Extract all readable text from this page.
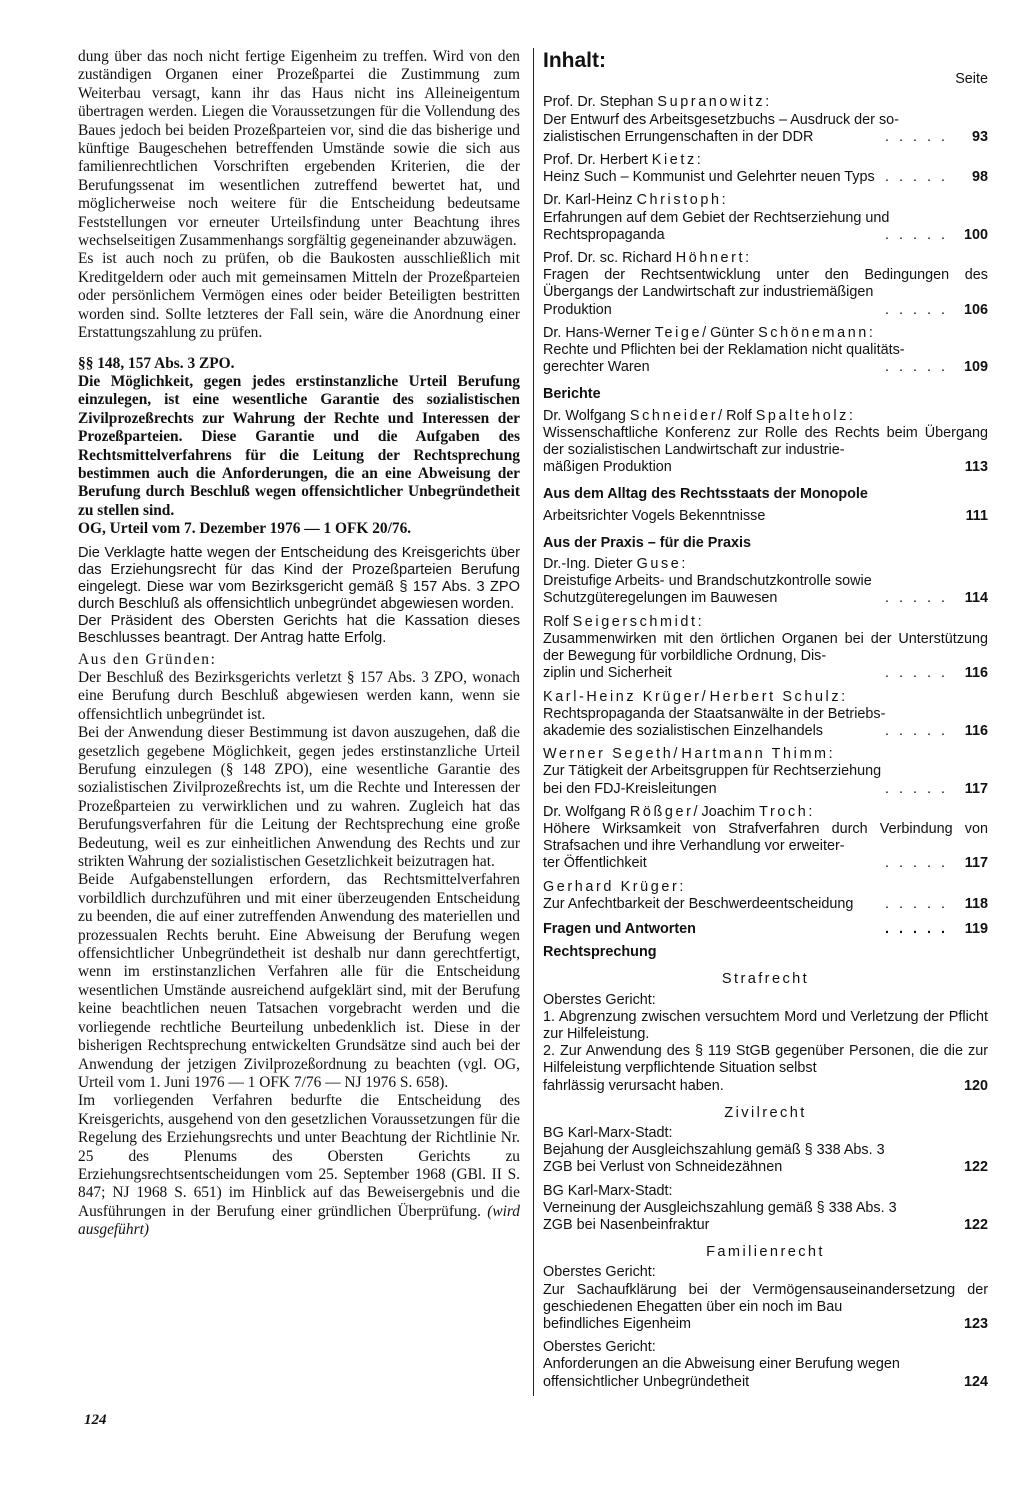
dung über das noch nicht fertige Eigenheim zu treffen. Wird von den zuständigen Organen einer Prozeßpartei die Zustimmung zum Weiterbau versagt, kann ihr das Haus nicht ins Alleineigentum übertragen werden. Liegen die Voraussetzungen für die Vollendung des Baues jedoch bei beiden Prozeßparteien vor, sind die das bisherige und künftige Baugeschehen betreffenden Umstände sowie die sich aus familienrechtlichen Vorschriften ergebenden Kriterien, die der Berufungssenat im wesentlichen zutreffend bewertet hat, und möglicherweise noch weitere für die Entscheidung bedeutsame Feststellungen vor erneuter Urteilsfindung unter Beachtung ihres wechselseitigen Zusammenhangs sorgfältig gegeneinander abzuwägen.

Es ist auch noch zu prüfen, ob die Baukosten ausschließlich mit Kreditgeldern oder auch mit gemeinsamen Mitteln der Prozeßparteien oder persönlichem Vermögen eines oder beider Beteiligten bestritten worden sind. Sollte letzteres der Fall sein, wäre die Anordnung einer Erstattungszahlung zu prüfen.

§§ 148, 157 Abs. 3 ZPO.

Die Möglichkeit, gegen jedes erstinstanzliche Urteil Berufung einzulegen, ist eine wesentliche Garantie des sozialistischen Zivilprozeßrechts zur Wahrung der Rechte und Interessen der Prozeßparteien. Diese Garantie und die Aufgaben des Rechtsmittelverfahrens für die Leitung der Rechtsprechung bestimmen auch die Anforderungen, die an eine Abweisung der Berufung durch Beschluß wegen offensichtlicher Unbegründetheit zu stellen sind.

OG, Urteil vom 7. Dezember 1976 — 1 OFK 20/76.

Die Verklagte hatte wegen der Entscheidung des Kreisgerichts über das Erziehungsrecht für das Kind der Prozeßparteien Berufung eingelegt. Diese war vom Bezirksgericht gemäß § 157 Abs. 3 ZPO durch Beschluß als offensichtlich unbegründet abgewiesen worden.

Der Präsident des Obersten Gerichts hat die Kassation dieses Beschlusses beantragt. Der Antrag hatte Erfolg.

Aus den Gründen:

Der Beschluß des Bezirksgerichts verletzt § 157 Abs. 3 ZPO, wonach eine Berufung durch Beschluß abgewiesen werden kann, wenn sie offensichtlich unbegründet ist.

Bei der Anwendung dieser Bestimmung ist davon auszugehen, daß die gesetzlich gegebene Möglichkeit, gegen jedes erstinstanzliche Urteil Berufung einzulegen (§ 148 ZPO), eine wesentliche Garantie des sozialistischen Zivilprozeßrechts ist, um die Rechte und Interessen der Prozeßparteien zu verwirklichen und zu wahren. Zugleich hat das Berufungsverfahren für die Leitung der Rechtsprechung eine große Bedeutung, weil es zur einheitlichen Anwendung des Rechts und zur strikten Wahrung der sozialistischen Gesetzlichkeit beizutragen hat.

Beide Aufgabenstellungen erfordern, das Rechtsmittelverfahren vorbildlich durchzuführen und mit einer überzeugenden Entscheidung zu beenden, die auf einer zutreffenden Anwendung des materiellen und prozessualen Rechts beruht. Eine Abweisung der Berufung wegen offensichtlicher Unbegründetheit ist deshalb nur dann gerechtfertigt, wenn im erstinstanzlichen Verfahren alle für die Entscheidung wesentlichen Umstände ausreichend aufgeklärt sind, mit der Berufung keine beachtlichen neuen Tatsachen vorgebracht werden und die vorliegende rechtliche Beurteilung unbedenklich ist. Diese in der bisherigen Rechtsprechung entwickelten Grundsätze sind auch bei der Anwendung der jetzigen Zivilprozeßordnung zu beachten (vgl. OG, Urteil vom 1. Juni 1976 — 1 OFK 7/76 — NJ 1976 S. 658).

Im vorliegenden Verfahren bedurfte die Entscheidung des Kreisgerichts, ausgehend von den gesetzlichen Voraussetzungen für die Regelung des Erziehungsrechts und unter Beachtung der Richtlinie Nr. 25 des Plenums des Obersten Gerichts zu Erziehungsrechtsentscheidungen vom 25. September 1968 (GBl. II S. 847; NJ 1968 S. 651) im Hinblick auf das Beweisergebnis und die Ausführungen in der Berufung einer gründlichen Überprüfung. (wird ausgeführt)

124
Inhalt:
Seite
Prof. Dr. Stephan Supranowitz:
Der Entwurf des Arbeitsgesetzbuchs – Ausdruck der so-
zialistischen Errungenschaften in der DDR	. . . . .	93
Prof. Dr. Herbert Kietz:
Heinz Such – Kommunist und Gelehrter neuen Typs . . . . .	98
Dr. Karl-Heinz Christoph:
Erfahrungen auf dem Gebiet der Rechtserziehung und
Rechtspropaganda	. . . . .	100
Prof. Dr. sc. Richard Höhnert:
Fragen der Rechtsentwicklung unter den Bedingungen des Übergangs der Landwirtschaft zur industriemäßigen
Produktion	. . . . .	106
Dr. Hans-Werner Teige/ Günter Schönemann:
Rechte und Pflichten bei der Reklamation nicht qualitäts-
gerechter Waren	. . . . .	109
Berichte
Dr. Wolfgang Schneider/ Rolf Spalteholz:
Wissenschaftliche Konferenz zur Rolle des Rechts beim Übergang der sozialistischen Landwirtschaft zur industrie-
mäßigen Produktion	113
Aus dem Alltag des Rechtsstaats der Monopole
Arbeitsrichter Vogels Bekenntnisse	111
Aus der Praxis – für die Praxis
Dr.-Ing. Dieter Guse:
Dreistufige Arbeits- und Brandschutzkontrolle sowie
Schutzgüteregelungen im Bauwesen	. . . . .	114
Rolf Seigerschmidt:
Zusammenwirken mit den örtlichen Organen bei der Unterstützung der Bewegung für vorbildliche Ordnung, Dis-
ziplin und Sicherheit	. . . . .	116
Karl-Heinz Krüger/ Herbert Schulz:
Rechtspropaganda der Staatsanwälte in der Betriebs-
akademie des sozialistischen Einzelhandels	. . . . .	116
Werner Segeth/ Hartmann Thimm:
Zur Tätigkeit der Arbeitsgruppen für Rechtserziehung
bei den FDJ-Kreisleitungen	. . . . .	117
Dr. Wolfgang Rößger/ Joachim Troch:
Höhere Wirksamkeit von Strafverfahren durch Verbindung von Strafsachen und ihre Verhandlung vor erweiter-
ter Öffentlichkeit	. . . . .	117
Gerhard Krüger:
Zur Anfechtbarkeit der Beschwerdeentscheidung	. . . . .	118
Fragen und Antworten	. . . . .	119
Rechtsprechung
Strafrecht
Oberstes Gericht:
1. Abgrenzung zwischen versuchtem Mord und Verletzung der Pflicht zur Hilfeleistung.
2. Zur Anwendung des § 119 StGB gegenüber Personen, die die zur Hilfeleistung verpflichtende Situation selbst
fahrlässig verursacht haben.	120
Zivilrecht
BG Karl-Marx-Stadt:
Bejahung der Ausgleichszahlung gemäß § 338 Abs. 3
ZGB bei Verlust von Schneidezähnen	122
BG Karl-Marx-Stadt:
Verneinung der Ausgleichszahlung gemäß § 338 Abs. 3
ZGB bei Nasenbeinfraktur	122
Familienrecht
Oberstes Gericht:
Zur Sachaufklärung bei der Vermögensauseinandersetzung der geschiedenen Ehegatten über ein noch im Bau
befindliches Eigenheim	123
Oberstes Gericht:
Anforderungen an die Abweisung einer Berufung wegen
offensichtlicher Unbegründetheit	124
